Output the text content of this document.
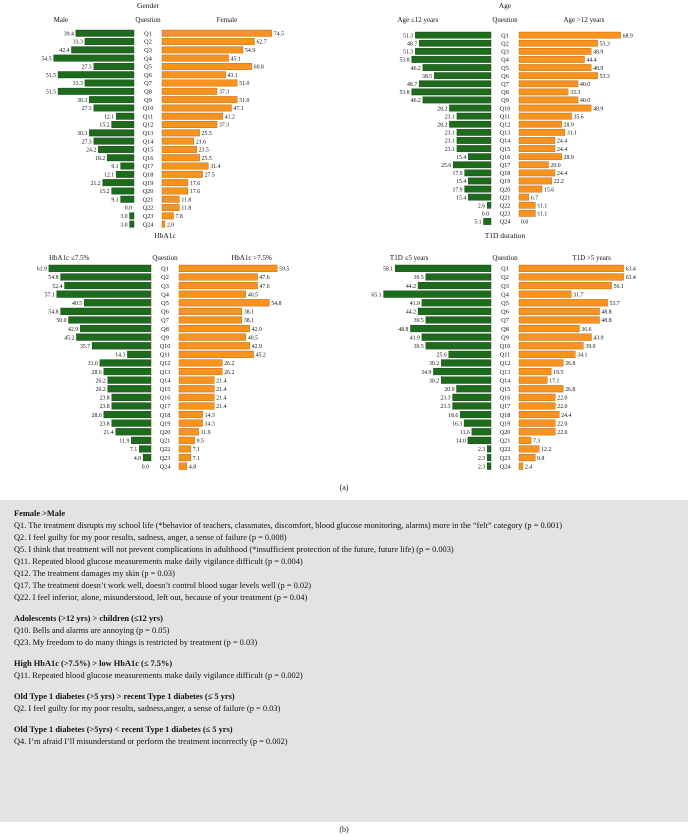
Gender
Question
Male	Female
Q1
39.4	74.5
Q2
33.3	62.7
Q3
42.4	54.9
Q4
54.5	45.1
Q5
27.3	60.8
Q6
51.5	43.1
Q7
33.3	51.0
Q8
51.5	37.3
Q9
30.3	51.0
Q10
27.3	47.1
Q11
12.1	41.2
Q12
15.2	37.3
Q13
30.3	25.5
Q14
27.3	21.6
Q15
24.2	23.5
Q16
18.2	25.5
Q17
9.1	31.4
Q18
12.1	27.5
Q19
21.2	17.6
Q20
15.2	17.6
Q21
9.1	11.8
Q22
0.0	11.8
Q23
3.0	7.8
Q24
3.0	2.0
Age
Question
Age ≤12 years	Age >12 years
Q1
51.3	68.9
Q2
48.7	53.3
Q3
51.3	48.9
Q4
53.8	44.4
Q5
46.2	48.9
Q6
38.5	53.3
Q7
48.7	40.0
Q8
53.8	33.3
Q9
46.2	40.0
Q10
28.2	48.9
Q11
23.1	35.6
Q12
28.2	28.9
Q13
23.1	31.1
Q14
23.1	24.4
Q15
23.1	24.4
Q16
15.4	28.9
Q17
25.6	20.0
Q18
17.9	24.4
Q19
15.4	22.2
Q20
17.9	15.6
Q21
15.4	6.7
Q22
2.6	11.1
Q23
0.0	11.1
Q24
5.1	0.0
HbA1c
Question
HbA1c ≤7.5%	HbA1c >7.5%
Q1
61.9	59.5
Q2
54.8	47.6
Q3
52.4	47.6
Q4
57.1	40.5
Q5
40.5	54.8
Q6
54.8	38.1
Q7
50.0	38.1
Q8
42.9	42.9
Q9
45.2	40.5
Q10
35.7	42.9
Q11
14.3	45.2
Q12
31.0	26.2
Q13
28.6	26.2
Q14
26.2	21.4
Q15
26.2	21.4
Q16
23.8	21.4
Q17
23.8	21.4
Q18
28.6	14.3
Q19
23.8	14.3
Q20
21.4	11.9
Q21
11.9	9.5
Q22
7.1	7.1
Q23
4.8	7.1
Q24
0.0	4.8
T1D duration
Question
T1D ≤5 years	T1D >5 years
Q1
58.1	63.4
Q2
39.5	63.4
Q3
44.2	56.1
Q4
65.1	31.7
Q5
41.9	53.7
Q6
44.2	48.8
Q7
39.5	48.8
Q8
48.8	36.6
Q9
41.9	43.9
Q10
39.5	39.0
Q11
25.6	34.1
Q12
30.2	26.8
Q13
34.9	19.5
Q14
30.2	17.1
Q15
20.9	26.8
Q16
23.3	22.0
Q17
23.3	22.0
Q18
18.6	24.4
Q19
16.3	22.0
Q20
11.6	22.0
Q21
14.0	7.3
Q22
2.3	12.2
Q23
2.3	9.8
Q24
2.3	2.4
(a)
Female >Male
Q1. The treatment disrupts my school life (*behavior of teachers, classmates, discomfort, blood glucose monitoring, alarms) more in the “felt” category (p = 0.001)
Q2. I feel guilty for my poor results, sadness, anger, a sense of failure (p = 0.008)
Q5. I think that treatment will not prevent complications in adulthood (*insufficient protection of the future, future life) (p = 0.003)
Q11. Repeated blood glucose measurements make daily vigilance difficult (p = 0.004)
Q12. The treatment damages my skin (p = 0.03)
Q17. The treatment doesn’t work well, doesn’t control blood sugar levels well (p = 0.02)
Q22. I feel inferior, alone, misunderstood, left out, because of your treatment (p = 0.04)
Adolescents (>12 yrs) > children (≤12 yrs)
Q10. Bells and alarms are annoying (p = 0.05)
Q23. My freedom to do many things is restricted by treatment (p = 0.03)
High HbA1c (>7.5%) > low HbA1c (≤ 7.5%)
Q11. Repeated blood glucose measurements make daily vigilance difficult (p = 0.002)
Old Type 1 diabetes (>5 yrs) > recent Type 1 diabetes (≤ 5 yrs)
Q2. I feel guilty for my poor results, sadness,anger, a sense of failure (p = 0.03)
Old Type 1 diabetes (>5yrs) < recent Type 1 diabetes (≤ 5 yrs)
Q4. I’m afraid I’ll misunderstand or perform the treatment incorrectly (p = 0.002)
(b)
